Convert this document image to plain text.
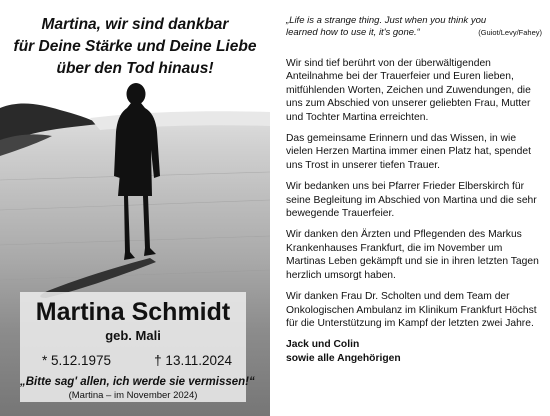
Martina, wir sind dankbar
für Deine Stärke und Deine Liebe
über den Tod hinaus!
Martina Schmidt
geb. Mali
* 5.12.1975	† 13.11.2024
„Bitte sag' allen, ich werde sie vermissen!“
(Martina – im November 2024)
„Life is a strange thing. Just when you think you
learned how to use it, it's gone.“	(Guiot/Levy/Fahey)

Wir sind tief berührt von der überwältigenden Anteilnahme bei der Trauerfeier und Euren lieben, mitfühlenden Worten, Zeichen und Zuwendungen, die uns zum Abschied von unserer geliebten Frau, Mutter und Tochter Martina erreichten.

Das gemeinsame Erinnern und das Wissen, in wie vielen Herzen Martina immer einen Platz hat, spendet uns Trost in unserer tiefen Trauer.

Wir bedanken uns bei Pfarrer Frieder Elberskirch für seine Begleitung im Abschied von Martina und die sehr bewegende Trauerfeier.

Wir danken den Ärzten und Pflegenden des Markus Krankenhauses Frankfurt, die im November um Martinas Leben gekämpft und sie in ihren letzten Tagen herzlich umsorgt haben.

Wir danken Frau Dr. Scholten und dem Team der Onkologischen Ambulanz im Klinikum Frankfurt Höchst für die Unterstützung im Kampf der letzten zwei Jahre.

Jack und Colin
sowie alle Angehörigen
